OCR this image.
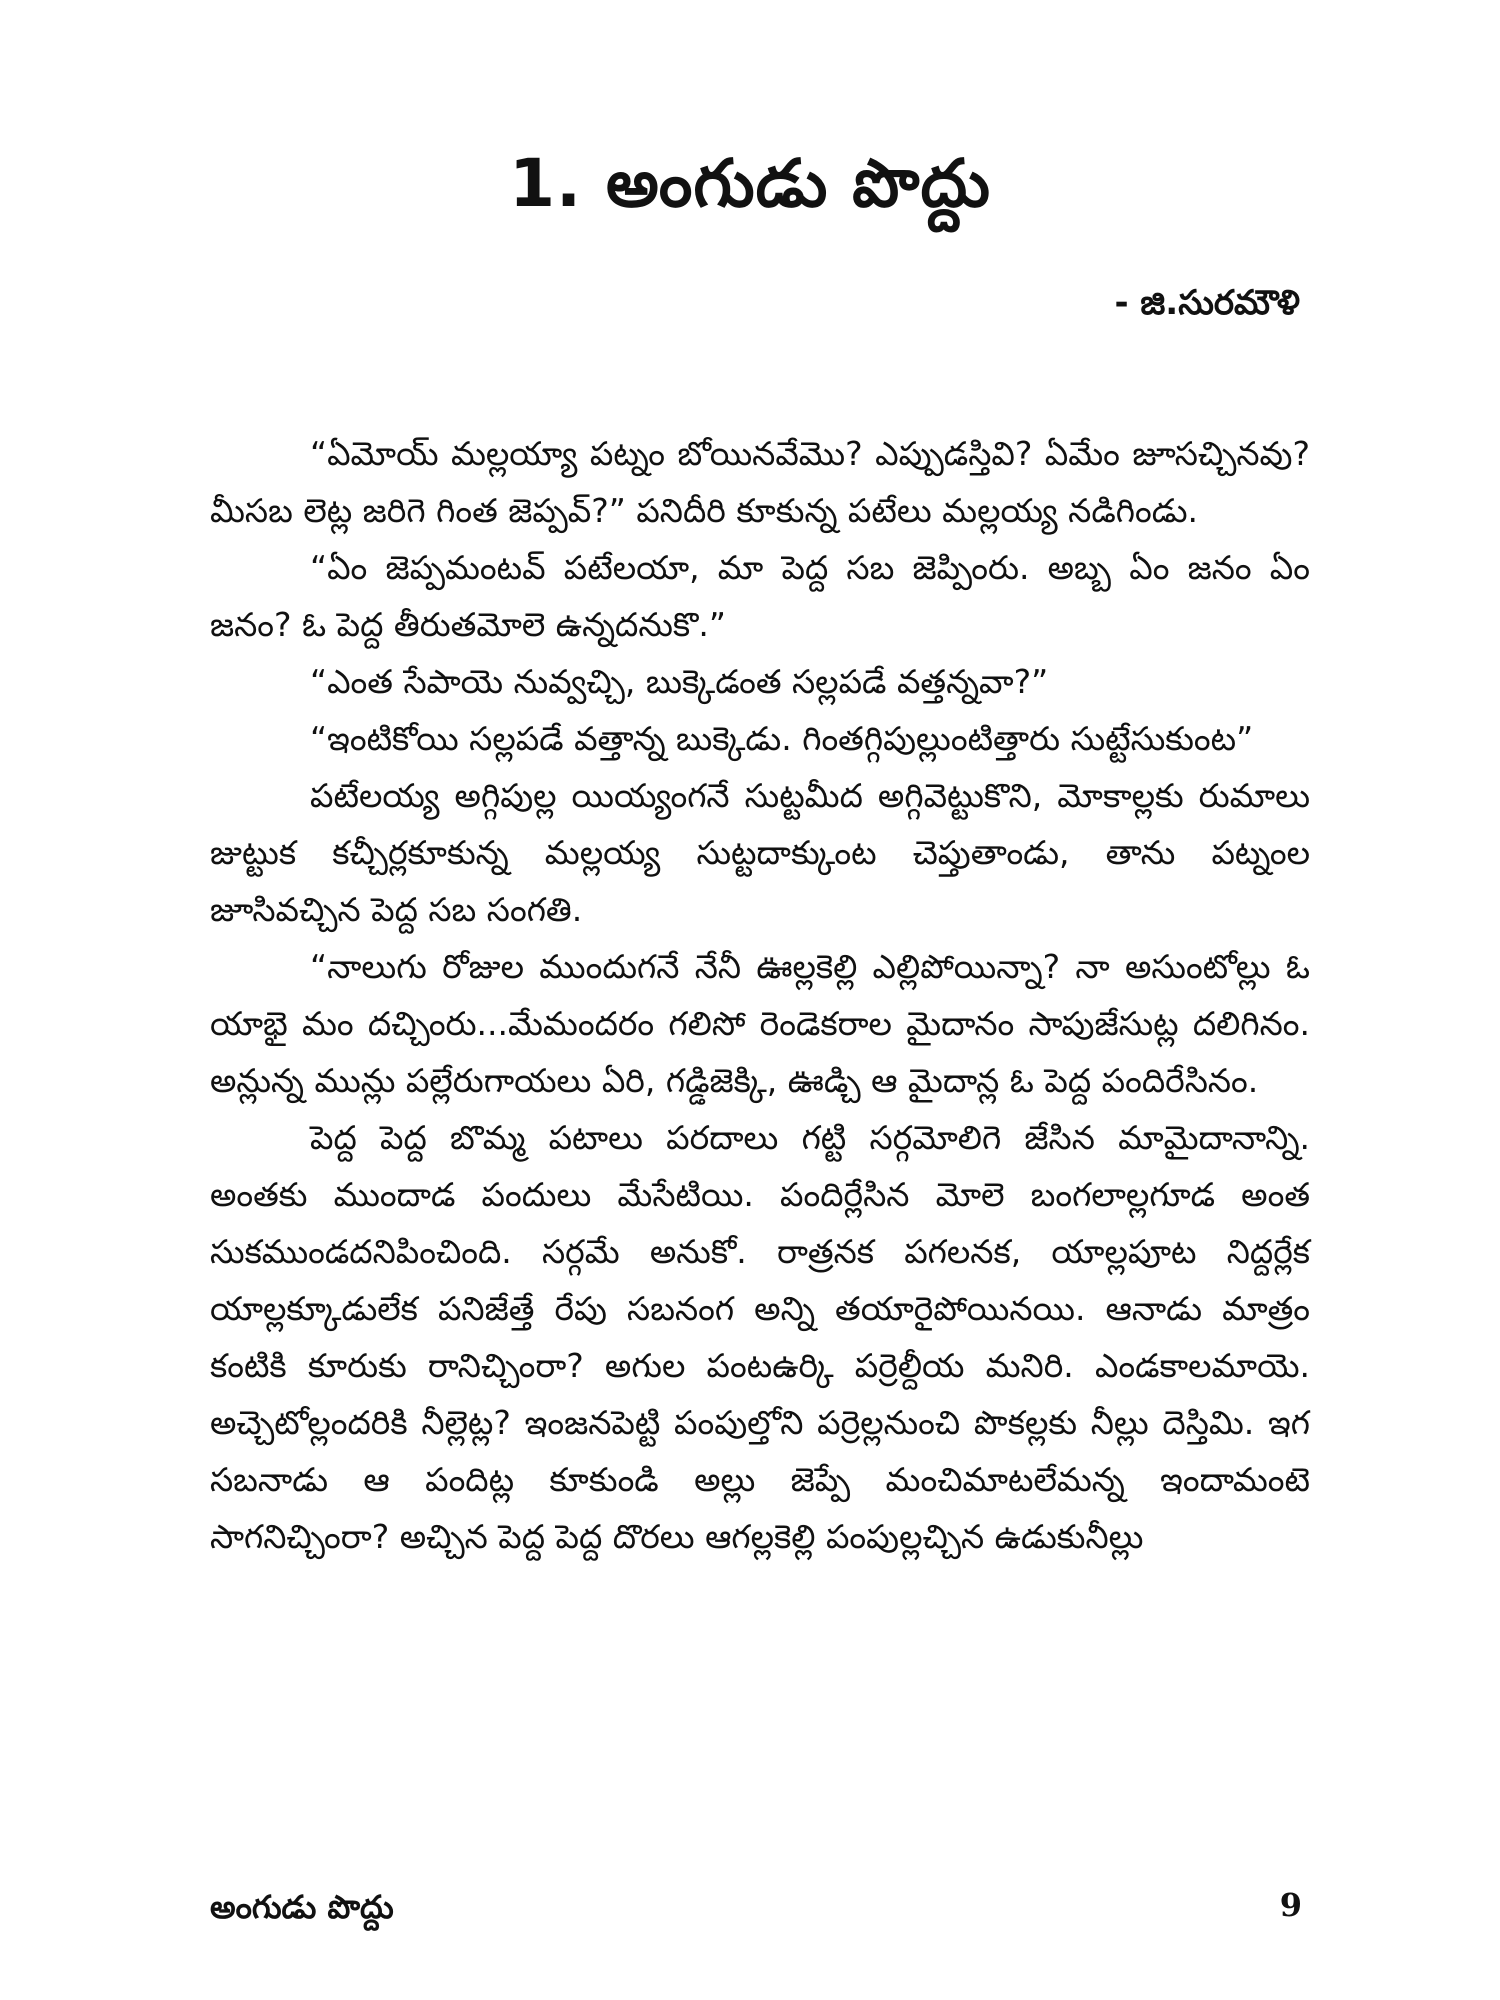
1. అంగుడు పొద్దు
- జి.సురమౌళి

“ఏమోయ్ మల్లయ్యా పట్నం బోయినవేమొ? ఎప్పుడస్తివి? ఏమేం జూసచ్చినవు? మీసబ లెట్ల జరిగె గింత జెప్పవ్?” పనిదీరి కూకున్న పటేలు మల్లయ్య నడిగిండు.

“ఏం జెప్పమంటవ్ పటేలయా, మా పెద్ద సబ జెప్పింరు. అబ్బ ఏం జనం ఏం జనం? ఓ పెద్ద తీరుతమోలె ఉన్నదనుకొ.”

“ఎంత సేపాయె నువ్వచ్చి, బుక్కెడంత సల్లపడే వత్తన్నవా?”

“ఇంటికోయి సల్లపడే వత్తాన్న బుక్కెడు. గింతగ్గిపుల్లుంటిత్తారు సుట్టేసుకుంట”

పటేలయ్య అగ్గిపుల్ల యియ్యంగనే సుట్టమీద అగ్గివెట్టుకొని, మోకాల్లకు రుమాలు జుట్టుక కచ్చీర్లకూకున్న మల్లయ్య సుట్టదాక్కుంట చెప్తుతాండు, తాను పట్నంల జూసివచ్చిన పెద్ద సబ సంగతి.

“నాలుగు రోజుల ముందుగనే నేనీ ఊల్లకెల్లి ఎల్లిపోయిన్నా? నా అసుంటోల్లు ఓ యాభై మం దచ్చింరు...మేమందరం గలిసో రెండెకరాల మైదానం సాపుజేసుట్ల దలిగినం. అన్లున్న మున్లు పల్లేరుగాయలు ఏరి, గడ్డిజెక్కి, ఊడ్చి ఆ మైదాన్ల ఓ పెద్ద పందిరేసినం.

పెద్ద పెద్ద బొమ్మ పటాలు పరదాలు గట్టి సర్గమోలిగె జేసిన మామైదానాన్ని. అంతకు ముందాడ పందులు మేసేటియి. పందిర్లేసిన మోలె బంగలాల్లగూడ అంత సుకముండదనిపించింది. సర్గమే అనుకో. రాత్రనక పగలనక, యాల్లపూట నిద్దర్లేక యాల్లక్కూడులేక పనిజేత్తే రేపు సబనంగ అన్ని తయారైపోయినయి. ఆనాడు మాత్రం కంటికి కూరుకు రానిచ్చింరా? అగుల పంటఉర్కి పర్రెల్దీయ మనిరి. ఎండకాలమాయె. అచ్చెటోల్లందరికి నీల్లెట్ల? ఇంజనపెట్టి పంపుల్తోని పర్రెల్లనుంచి పొకల్లకు నీల్లు దెస్తిమి. ఇగ సబనాడు ఆ పందిట్ల కూకుండి అల్లు జెప్పే మంచిమాటలేమన్న ఇందామంటె సాగనిచ్చింరా? అచ్చిన పెద్ద పెద్ద దొరలు ఆగల్లకెల్లి పంపుల్లచ్చిన ఉడుకునీల్లు

అంగుడు పొద్దు	9
